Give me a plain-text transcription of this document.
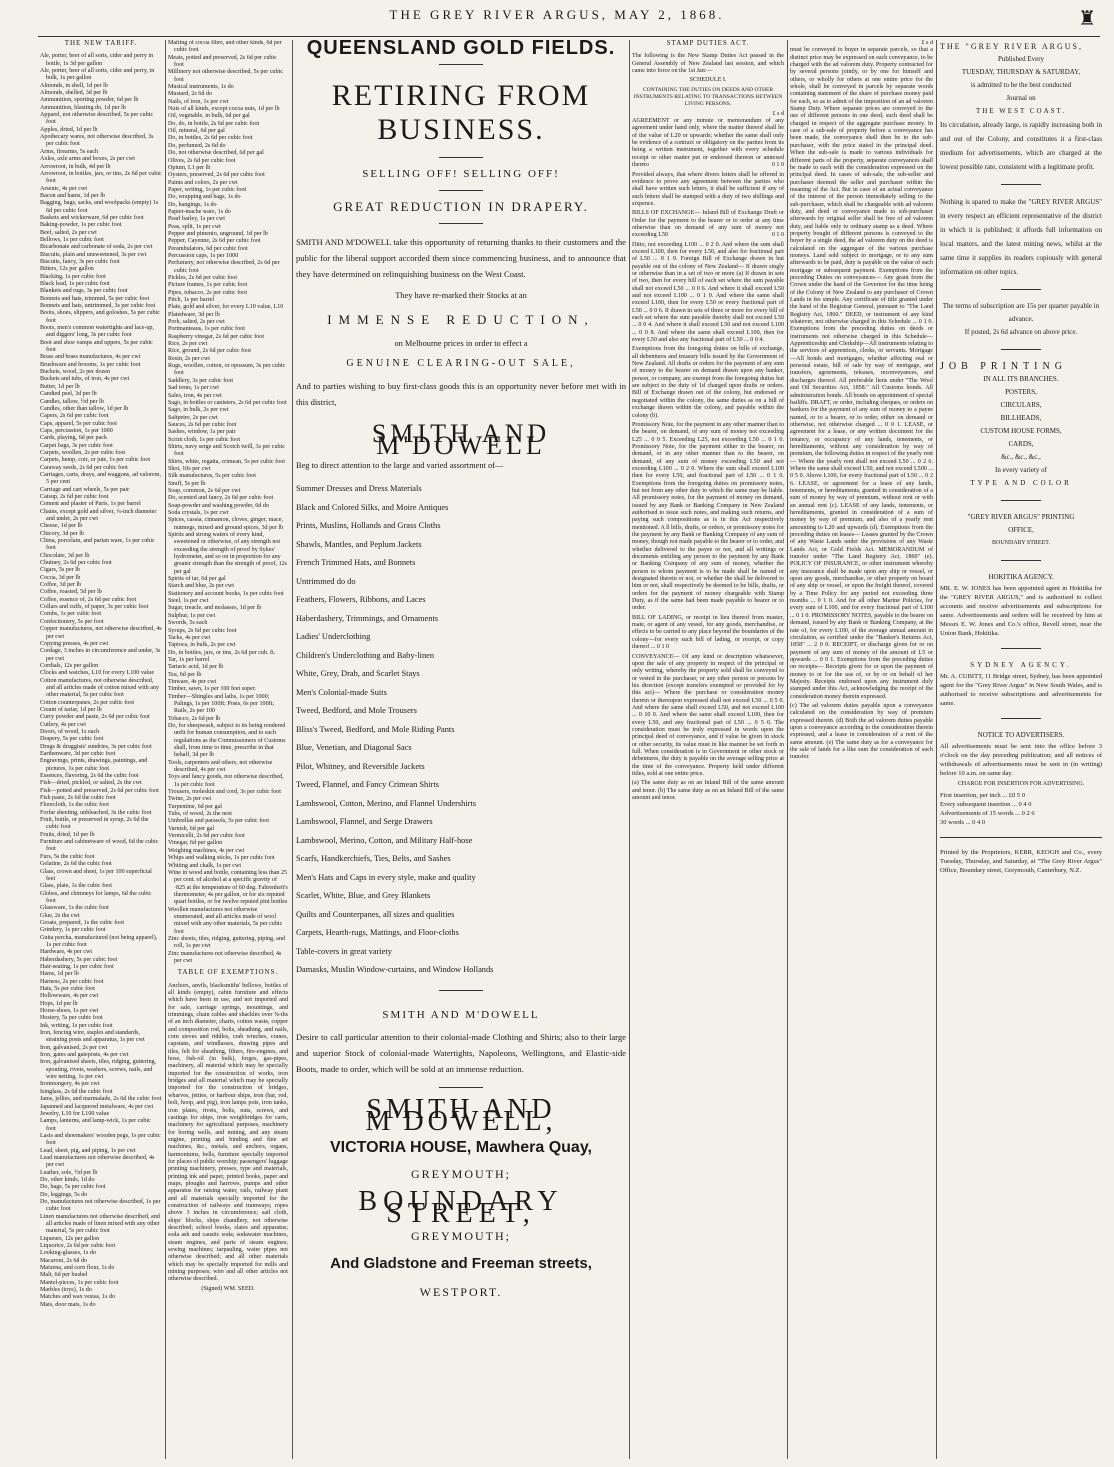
THE GREY RIVER ARGUS, MAY 2, 1868.	♜
THE NEW TARIFF.
Ale, porter, beer of all sorts, cider and perry in bottle, 1s 3d per gallon
Ale, porter, beer of all sorts, cider and perry, in bulk, 1s per gallon
Almonds, in shell, 1d per lb
Almonds, shelled, 3d per lb
Ammunition, sporting powder, 6d per lb
Ammunition, blasting do, 1d per lb
Apparel, not otherwise described, 5s per cubic foot
Apples, dried, 1d per lb
Apothecary wares, not otherwise described, 3s per cubic foot
Arms, firearms, 5s each
Axles, axle arms and boxes, 2s per cwt
Arrowroot, in bulk, 4d per lb
Arrowroot, in bottles, jars, or tins, 2s 6d per cubic foot
Arsenic, 4s per cwt
Bacon and hams, 1d per lb
Bagging, bags, sacks, and woolpacks (empty) 1s 6d per cubic foot
Baskets and wickerware, 6d per cubic foot
Baking-powder, 1s per cubic foot
Beef, salted, 2s per cwt
Bellows, 1s per cubic foot
Bicarbonate and carbonate of soda, 2s per cwt
Biscuits, plain and unsweetened, 3s per cwt
Biscuits, fancy, 3s per cubic foot
Bitters, 12s per gallon
Blacking, 1s per cubic foot
Black lead, 1s per cubic foot
Blankets and rugs, 3s per cubic foot
Bonnets and hats, trimmed, 5s per cubic foot
Bonnets and hats, untrimmed, 3s per cubic foot
Boots, shoes, slippers, and goloshes, 5s per cubic foot
Boots, men's common watertights and lace-up, and diggers' long, 3s per cubic foot
Boot and shoe vamps and uppers, 5s per cubic foot
Brass and brass manufactures, 4s per cwt
Brushware and brooms, 1s per cubic foot
Buckets, wood, 2s per dozen
Buckets and tubs, of iron, 4s per cwt
Butter, 1d per lb
Candied peel, 3d per lb
Candles, tallow, ½d per lb
Candles, other than tallow, 1d per lb
Capers, 2s 6d per cubic foot
Caps, apparel, 5s per cubic foot
Caps, percussion, 1s per 1000
Cards, playing, 6d per pack
Carpet bags, 3s per cubic foot
Carpets, woollen, 2s per cubic foot
Carpets, hemp, coir, or jute, 1s per cubic foot
Caraway seeds, 2s 6d per cubic foot
Carriages, carts, drays, and waggons, ad valorem, 5 per cent
Carriage and cart wheels, 5s per pair
Catsup, 2s 6d per cubic foot
Cement and plaster of Paris, 1s per barrel
Chains, except gold and silver, ¼-inch diameter and under, 2s per cwt
Cheese, 1d per lb
Chicory, 3d per lb
China, porcelain, and parian ware, 1s per cubic foot
Chocolate, 3d per lb
Chutney, 2s 6d per cubic foot
Cigars, 5s per lb
Cocoa, 3d per lb
Coffee, 3d per lb
Coffee, roasted, 5d per lb
Coffee, essence of, 2s 6d per cubic foot
Collars and cuffs, of paper, 3s per cubic foot
Combs, 1s per cubic foot
Confectionery, 5s per foot
Copper manufactures, not otherwise described, 4s per cwt
Copying presses, 4s per cwt
Cordage, 3 inches in circumference and under, 3s per cwt
Cordials, 12s per gallon
Clocks and watches, L10 for every L100 value
Cotton manufactures, not otherwise described, and all articles made of cotton mixed with any other material, 5s per cubic foot
Cotton counterpanes, 2s per cubic foot
Cream of tartar, 1d per lb
Curry powder and paste, 2s 6d per cubic foot
Cutlery, 4s per cwt
Doors, of wood, 1s each
Drapery, 5s per cubic foot
Drugs & druggists' sundries, 3s per cubic foot
Earthenware, 3d per cubic foot
Engravings, prints, drawings, paintings, and pictures, 1s per cubic foot
Essences, flavoring, 2s 6d the cubic foot
Fish—dried, pickled, or salted, 2s the cwt
Fish—potted and preserved, 2s 6d per cubic foot
Fish paste, 2s 6d the cubic foot
Floorcloth, 1s the cubic foot
Forfar sheeting, unbleached, 3s the cubic foot
Fruit, bottle, or preserved in syrup, 2s 6d the cubic foot
Fruits, dried, 1d per lb
Furniture and cabinetware of wood, 6d the cubic foot
Furs, 5s the cubic foot
Gelatine, 2s 6d the cubic foot
Glass, crown and sheet, 1s per 100 superficial feet
Glass, plate, 1s the cubic foot
Globes, and chimneys for lamps, 6d the cubic foot
Glassware, 1s the cubic foot
Glue, 2s the cwt
Groats, prepared, 1s the cubic foot
Grindery, 1s per cubic foot
Gutta percha, manufactured (not being apparel), 1s per cubic foot
Hardware, 4s per cwt
Haberdashery, 5s per cubic foot
Hair-seating, 1s per cubic foot
Hams, 1d per lb
Harness, 2s per cubic foot
Hats, 5s per cubic foot
Hollowware, 4s per cwt
Hops, 1d per lb
Horse-shoes, 1s per cwt
Hosiery, 5s per cubic foot
Ink, writing, 1s per cubic foot
Iron, fencing wire, staples and standards, straining posts and apparatus, 1s per cwt
Iron, galvanised, 2s per cwt
Iron, gates and gateposts, 4s per cwt
Iron, galvanised sheets, tiles, ridging, guttering, spouting, rivets, washers, screws, nails, and wire netting, 1s per cwt
Ironmongery, 4s per cwt
Isinglass, 2s 6d the cubic foot
Jams, jellies, and marmalade, 2s 6d the cubic foot
Japanned and lacquered metalware, 4s per cwt
Jewelry, L10 for L100 value
Lamps, lanterns, and lamp-wick, 1s per cubic foot
Lasts and shoemakers' wooden pegs, 1s per cubic foot
Lead, sheet, pig, and piping, 1s per cwt
Lead manufactures not otherwise described, 4s per cwt
Leather, sole, ½d per lb
Do, other kinds, 1d do
Do, bags, 5s per cubic foot
Do, leggings, 5s do
Do, manufactures not otherwise described, 1s per cubic foot
Linen manufactures not otherwise described, and all articles made of linen mixed with any other material, 5s per cubic foot
Liqueurs, 12s per gallon
Liquorice, 2s 6d per cubic foot
Looking-glasses, 1s do
Macaroni, 2s 6d do
Maizena, and corn flour, 1s do
Malt, 6d per bushel
Mantel-pieces, 1s per cubic foot
Marbles (toys), 1s do
Matches and wax vestas, 1s do
Mats, door mats, 1s do
Matting of cocoa fibre, and other kinds, 6d per cubic foot
Meats, potted and preserved, 2s 6d per cubic foot
Millinery not otherwise described, 5s per cubic foot
Musical instruments, 1s do
Mustard, 2s 6d do
Nails, of iron, 1s per cwt
Nuts of all kinds, except cocoa nuts, 1d per lb
Oil, vegetable, in bulk, 6d per gal
Do, do, in bottle, 2s 6d per cubic foot
Oil, mineral, 6d per gal
Do, in bottles, 2s 6d per cubic foot
Do, perfumed, 2s 6d do
Do, not otherwise described, 6d per gal
Olives, 2s 6d per cubic foot
Opium, L1 per lb
Oysters, preserved, 2s 6d per cubic foot
Paints and colors, 2s per cwt
Paper, writing, 1s per cubic foot
Do, wrapping and bags, 1s do
Do, hangings, 1s do
Papier-mache ware, 1s do
Pearl barley, 1s per cwt
Peas, split, 1s per cwt
Pepper and pimento, unground, 1d per lb
Pepper, Cayenne, 2s 6d per cubic foot
Perambulators, 6d per cubic foot
Percussion caps, 1s per 1000
Perfumery, not otherwise described, 2s 6d per cubic foot
Pickles, 2s 6d per cubic foot
Picture frames, 1s per cubic foot
Pipes, tobacco, 2s per cubic foot
Pitch, 1s per barrel
Plate, gold and silver, for every L10 value, L10
Platedware, 3d per lb
Pork, salted, 2s per cwt
Portmanteaus, 1s per cubic foot
Raspberry vinegar, 2s 6d per cubic foot
Rice, 2s per cwt
Rice, ground, 2s 6d per cubic foot
Resin, 2s per cwt
Rugs, woollen, cotton, or opossum, 3s per cubic foot
Saddlery, 3s per cubic foot
Sad irons, 1s per cwt
Sales, iron, 4s per cwt
Sago, in bottles or canisters, 2s 6d per cubic foot
Sago, in bulk, 2s per cwt
Saltpetre, 2s per cwt
Sauces, 2s 6d per cubic foot
Sashes, window, 1s per pair
Scrim cloth, 1s per cubic foot
Shirts, navy serge and Scotch twill, 3s per cubic foot
Shirts, white, regatta, crimean, 5s per cubic foot
Shot, 10s per cwt
Silk manufactures, 5s per cubic foot
Snuff, 5s per lb
Soap, common, 2s 6d per cwt
Do, scented and fancy, 2s 6d per cubic foot
Soap-powder and washing powder, 6d do
Soda crystals, 1s per cwt
Spices, cassia, cinnamon, cloves, ginger, mace, nutmegs, mixed and ground spices, 3d per lb
Spirits and strong waters of every kind, sweetened or otherwise, of any strength not exceeding the strength of proof by Sykes' hydrometer, and so on in proportion for any greater strength than the strength of proof, 12s per gal
Spirits of tar, 6d per gal
Starch and blue, 2s per cwt
Stationery and account books, 1s per cubic foot
Steel, 1s per cwt
Sugar, treacle, and molasses, 1d per lb
Sulphur, 1s per cwt
Swords, 5s each
Syrups, 2s 6d per cubic foot
Tacks, 4s per cwt
Tapioca, in bulk, 2s per cwt
Do, in bottles, jars, or tins, 2s 6d per cub. ft.
Tar, 1s per barrel
Tartaric acid, 1d per lb
Tea, 6d per lb
Tinware, 4s per cwt
Timber, sawn, 1s per 100 feet super.
Timber—Shingles and laths, 1s per 1000; Palings, 1s per 100ft; Posts, 6s per 100ft; Rails, 2s per 100
Tobacco, 2s 6d per lb
Do, for sheepwash, subject to its being rendered unfit for human consumption, and to such regulations as the Commissioners of Customs shall, from time to time, prescribe in that behalf, 3d per lb
Tools, carpenters and others, not otherwise described, 4s per cwt
Toys and fancy goods, not otherwise described, 1s per cubic foot
Trousers, moleskin and cord, 3s per cubic foot
Twine, 2s per cwt
Turpentine, 6d per gal
Tubs, of wood, 2s the nest
Umbrellas and parasols, 5s per cubic foot
Varnish, 6d per gal
Vermicelli, 2s 6d per cubic foot
Vinegar, 6d per gallon
Weighing machines, 4s per cwt
Whips and walking sticks, 1s per cubic foot
Whiting and chalk, 1s per cwt
Wine in wood and bottle, containing less than 25 per cent. of alcohol at a specific gravity of ·825 at the temperature of 60 deg. Fahrenheit's thermometer, 4s per gallon, or for six reputed quart bottles, or for twelve reputed pint bottles
Woollen manufactures not otherwise enumerated, and all articles made of wool mixed with any other materials, 5s per cubic foot
Zinc sheets, tiles, ridging, guttering, piping, and roll, 1s per cwt
Zinc manufactures not otherwise described, 4s per cwt
TABLE OF EXEMPTIONS.

Anchors, anvils, blacksmiths' bellows, bottles of all kinds (empty), cabin furniture and effects which have been in use, and not imported and for sale, carriage springs, mountings, and trimmings, chain cables and shackles over ⅝-ths of an inch diameter, charts, cotton waste, copper and composition rod, bolts, sheathing, and nails, corn sieves and riddles, crab winches, cranes, capstans, and windlasses, drawing pipes and tiles, felt for sheathing, filters, fire-engines, and hose, fish-oil (in bulk), forges, gas-pipes, machinery, all material which may be specially imported for the construction of works, iron bridges and all material which may be specially imported for the construction of bridges, wharves, jetties, or harbour ships, iron (bar, rod, bolt, hoop, and pig), iron lamps pots, iron tanks, iron plates, rivets, bolts, nuts, screws, and castings for ships, iron weighbridges for carts, machinery for agricultural purposes, machinery for boring wells, and mining, and any steam engine, printing and binding and fine art machines, &c., metals, and anchors, organs, harmoniums, bells, furniture specially imported for places of public worship; passengers' luggage printing machinery, presses, type and materials, printing ink and paper, printed books, paper and maps, ploughs and harrows, pumps and other apparatus for raising water, rails, railway plant and all materials specially imported for the construction of railways and tramways; ropes above 3 inches in circumference; sail cloth, ships' blocks, ships chandlery, not otherwise described; school books, slates and apparatus; soda ash and caustic soda; sodawater machines, steam engines, and parts of steam engines; sewing machines; tarpauling, water pipes not otherwise described; and all other materials which may be specially imported for mills and mining purposes; wire and all other articles not otherwise described.

(Signed) WM. SEED.
QUEENSLAND GOLD FIELDS.
RETIRING FROM BUSINESS.
SELLING OFF! SELLING OFF!
GREAT REDUCTION IN DRAPERY.
SMITH AND M'DOWELL take this opportunity of returning thanks to their customers and the public for the liberal support accorded them since commencing business, and to announce that they have determined on relinquishing business on the West Coast.
They have re-marked their Stocks at an
IMMENSE REDUCTION,
on Melbourne prices in order to effect a
GENUINE CLEARING-OUT SALE,
And to parties wishing to buy first-class goods this is an opportunity never before met with in this district,
SMITH AND M'DOWELL
Beg to direct attention to the large and varied assortment of—
Summer Dresses and Dress Materials
Black and Colored Silks, and Moire Antiques
Prints, Muslins, Hollands and Grass Cloths
Shawls, Mantles, and Peplum Jackets
French Trimmed Hats, and Bonnets
Untrimmed do do
Feathers, Flowers, Ribbons, and Laces
Haberdashery, Trimmings, and Ornaments
Ladies' Underclothing
Children's Underclothing and Baby-linen
White, Grey, Drab, and Scarlet Stays
Men's Colonial-made Suits
Tweed, Bedford, and Mole Trousers
Bliss's Tweed, Bedford, and Mole Riding Pants
Blue, Venetian, and Diagonal Sacs
Pilot, Whitney, and Reversible Jackets
Tweed, Flannel, and Fancy Crimean Shirts
Lambswool, Cotton, Merino, and Flannel Undershirts
Lambswool, Flannel, and Serge Drawers
Lambswool, Merino, Cotton, and Military Half-hose
Scarfs, Handkerchiefs, Ties, Belts, and Sashes
Men's Hats and Caps in every style, make and quality
Scarlet, White, Blue, and Grey Blankets
Quilts and Counterpanes, all sizes and qualities
Carpets, Hearth-rugs, Mattings, and Floor-cloths
Table-covers in great variety
Damasks, Muslin Window-curtains, and Window Hollands
SMITH AND M'DOWELL
Desire to call particular attention to their colonial-made Clothing and Shirts; also to their large and superior Stock of colonial-made Watertights, Napoleons, Wellingtons, and Elastic-side Boots, made to order, which will be sold at an immense reduction.
SMITH AND M'DOWELL,
VICTORIA HOUSE, Mawhera Quay,
GREYMOUTH;
BOUNDARY STREET,
GREYMOUTH;
And Gladstone and Freeman streets,
WESTPORT.
STAMP DUTIES ACT.

The following is the New Stamp Duties Act passed in the General Assembly of New Zealand last session, and which came into force on the 1st Jan:—

SCHEDULE I.
CONTAINING THE DUTIES ON DEEDS AND OTHER INSTRUMENTS RELATING TO TRANSACTIONS BETWEEN LIVING PERSONS.
£ s d

AGREEMENT or any minute or memorandum of any agreement under hand only, where the matter thereof shall be of the value of L20 or upwards; whether the same shall only be evidence of a contract or obligatory on the parties from its being a written instrument, together with every schedule receipt or other matter put or endorsed thereon or annexed thereto	0 1 0

Provided always, that where divers letters shall be offered in evidence to prove any agreement between the parties who shall have written such letters, it shall be sufficient if any of such letters shall be stamped with a duty of two shillings and sixpence.

BILLS OF EXCHANGE— Inland Bill of Exchange Draft or Order for the payment to the bearer or to order at any time otherwise than on demand of any sum of money not exceeding L50	0 1 0

Ditto, not exceeding L100 ... 0 2 0. And where the sum shall exceed L100, then for every L50, and also for fractional part of L50 ... 0 1 0. Foreign Bill of Exchange drawn in but payable out of the colony of New Zealand— If drawn singly or otherwise than in a set of two or more (a) If drawn in sets of two, then for every bill of each set where the sum payable shall not exceed L50 ... 0 0 6. And where it shall exceed L50 and not exceed L100 ... 0 1 0. And where the same shall exceed L100, then for every L50 or every fractional part of L50 ... 0 0 6. If drawn in sets of three or more for every bill of each set where the sum payable thereby shall not exceed L50 ... 0 0 4. And where it shall exceed L50 and not exceed L100 ... 0 0 8. And where the same shall exceed L100, then for every L50 and also any fractional part of L50 ... 0 0 4.

Exemptions from the foregoing duties on bills of exchange, all debentures and treasury bills issued by the Government of New Zealand. All drafts or orders for the payment of any sum of money to the bearer on demand drawn upon any banker, person, or company, are exempt from the foregoing duties but are subject to the duty of 1d charged upon drafts or orders. Bill of Exchange drawn out of the colony, but endorsed or negotiated within the colony, the same duties as on a bill of exchange drawn within the colony, and payable within the colony (b).

Promissory Note, for the payment in any other manner than to the bearer, on demand, of any sum of money not exceeding L25 ... 0 0 5. Exceeding L25, not exceeding L50 ... 0 1 0. Promissory Note, for the payment either to the bearer, on demand, or in any other manner than to the bearer, on demand, of any sum of money exceeding L50 and not exceeding L100 ... 0 2 0. Where the sum shall exceed L100 then for every L50, and fractional part of L50 ... 0 1 0. Exemptions from the foregoing duties on promissory notes, but not from any other duty to which the same may be liable. All promissory notes, for the payment of money on demand, issued by any Bank or Banking Company in New Zealand authorised to issue such notes, and making such returns, and paying such compositions as is in this Act respectively mentioned. A ll bills, drafts, or orders, or promissory notes for the payment by any Bank or Banking Company of any sum of money, though not made payable to the bearer or to order, and whether delivered to the payee or not, and all writings or documents entitling any person to the payment by any Bank or Banking Company of any sum of money, whether the person to whom payment is to be made shall be named or designated therein or not, or whether the shall be delivered to him or not, shall respectively be deemed to be bills, drafts, or orders for the payment of money chargeable with Stamp Duty, as if the same had been made payable to bearer or to order.

BILL OF LADING, or receipt in lieu thereof from master, mate, or agent of any vessel, for any goods, merchandise, or effects to be carried to any place beyond the boundaries of the colony—for every such bill of lading, or receipt, or copy thereof ... 0 1 0

CONVEYANCE— Of any kind or description whatsoever, upon the sale of any property in respect of the principal or only writing, whereby the property sold shall be conveyed to or vested in the purchaser, or any other person or persons by his direction (except transfers exempted or provided for by this act)— Where the purchase or consideration money therein or thereupon expressed shall not exceed L50 ... 0 5 0. And where the same shall exceed L50, and not exceed L100 ... 0 10 0. And where the same shall exceed L100, then for every L50, and any fractional part of L50 ... 0 5 0. The consideration must be truly expressed in words upon the principal deed of conveyance, and if value be given in stock or other security, its value must in like manner be set forth in full. When consideration is in Government or other stock or debentures, the duty is payable on the average selling price at the time of the conveyance. Property held under different titles, sold at one entire price.

(a) The same duty as on an Inland Bill of the same amount and tenor. (b) The same duty as on an Inland Bill of the same amount and tenor.

£ s d

must be conveyed to buyer in separate parcels, so that a distinct price may be expressed on each conveyance, to be charged with the ad valorem duty. Property contracted for by several persons jointly, or by one for himself and others, or wholly for others at one entire price for the whole, shall be conveyed in parcels by separate words containing statement of the share of purchase money paid for each, so as to admit of the imposition of an ad valorem Stamp Duty. Where separate prices are conveyed to the use of different persons in one deed, such deed shall be charged in respect of the aggregate purchase money. In case of a sub-sale of property before a conveyance has been made, the conveyance shall then be to the sub-purchaser, with the price stated in the principal deed. When the sub-sale is made to various individuals for different parts of the property, separate conveyances shall be made to each with the consideration expressed on the principal deed. In cases of sub-sale, the sub-seller and purchaser deemed the seller and purchaser within the meaning of the Act. But in case of an actual conveyance of the interest of the person immediately selling to the sub-purchaser, which shall be chargeable with ad valorem duty, and deed or conveyance made to sub-purchaser afterwards by original seller shall be free of ad valorem duty, and liable only to ordinary stamp as a deed. Where property bought of different persons is conveyed to the buyer by a single deed, the ad valorem duty on the deed is calculated on the aggregate of the various purchase moneys. Land sold subject to mortgage, or to any sum afterwards to be paid, duty is payable on the value of such mortgage or subsequent payment. Exemptions from the preceding Duties on conveyances— Any grant from the Crown under the hand of the Governor for the time being of the Colony of New Zealand to any purchaser of Crown Lands in fee simple. Any certificate of title granted under the hand of the Registrar General, pursuant to "The Land Registry Act, 1860." DEED, or instrument of any kind whatever, not otherwise charged in this Schedule ... 0 1 0. Exemptions from the preceding duties on deeds or instruments not otherwise charged in this Schedule— Apprenticeship and Clerkship—All instruments relating to the services of apprentices, clerks, or servants. Mortgage—All bonds and mortgages, whether affecting real or personal estate, bill of sale by way of mortgage, and transfers, agreements, releases, reconveyances, and discharges thereof. All preferable liens under "The Wool and Oil Securities Act, 1858." All Customs bonds. All administration bonds. All bonds on appointment of special bailiffs. DRAFT, or order, including cheques, or orders on bankers for the payment of any sum of money to a payee named, or to a bearer, or to order, either on demand or otherwise, not otherwise charged ... 0 0 1. LEASE, or agreement for a lease, or any written document for the tenancy, or occupancy of any lands, tenements, or hereditaments, without any consideration by way of premium, the following duties in respect of the yearly rent— Where the yearly rent shall not exceed L50 ... 0 2 6. Where the same shall exceed L50, and not exceed L500 ... 0 5 0. Above L100, for every fractional part of L50 ... 0 2 6. LEASE, or agreement for a lease of any lands, tenements, or hereditaments, granted in consideration of a sum of money by way of premium, without rent or with an annual rent (c). LEASE of any lands, tenements, or hereditaments, granted in consideration of a sum of money by way of premium, and also of a yearly rent amounting to L20 and upwards (d). Exemptions from the preceding duties on leases— Leases granted by the Crown of any Waste Lands under the provisions of any Waste Lands Act, or Gold Fields Act. MEMORANDUM of transfer under "The Land Registry Act, 1860" (e). POLICY OF INSURANCE, or other instrument whereby any insurance shall be made upon any ship or vessel, or upon any goods, merchandise, or other property on board of any ship or vessel, or upon the freight thereof, covered by a Time Policy for any period not exceeding three months ... 0 1 0. And for all other Marine Policies, for every sum of L100, and for every fractional part of L100 ... 0 1 0. PROMISSORY NOTES, payable to the bearer on demand, issued by any Bank or Banking Company, at the rate of, for every L100, of the average annual amount in circulation, as certified under the "Banker's Returns Act, 1858" ... 2 0 0. RECEIPT, or discharge given for or on payment of any sum of money of the amount of L5 or upwards ... 0 0 1. Exemptions from the preceding duties on receipts— Receipts given for or upon the payment of money to or for the use of, or by or on behalf of her Majesty. Receipts endorsed upon any instrument duly stamped under this Act, acknowledging the receipt of the consideration money therein expressed.

(c) The ad valorem duties payable upon a conveyance calculated on the consideration by way of premium expressed therein. (d) Both the ad valorem duties payable upon a conveyance according to the consideration therein expressed, and a lease in consideration of a rent of the same amount. (e) The same duty as for a conveyance for the sale of lands for a like sum the consideration of such transfer.

THE "GREY RIVER ARGUS,
Published Every
TUESDAY, THURSDAY & SATURDAY,
is admitted to be the best conducted
Journal on
THE WEST COAST.
Its circulation, already large, is rapidly increasing both in and out of the Colony, and constitutes it a first-class medium for advertisements, which are charged at the lowest possible rate, consistent with a legitimate profit.
Nothing is spared to make the "GREY RIVER ARGUS" in every respect an efficient representative of the district in which it is published; it affords full information on local matters, and the latest mining news, whilst at the same time it supplies its readers copiously with general information on other topics.
The terms of subscription are 15s per quarter payable in advance.
If posted, 2s 6d advance on above price.
JOB PRINTING
IN ALL ITS BRANCHES.
POSTERS,
CIRCULARS,
BILLHEADS,
CUSTOM HOUSE FORMS,
CARDS,
&c., &c., &c.,
In every variety of
TYPE AND COLOR
"GREY RIVER ARGUS" PRINTING
OFFICE,
BOUNDARY STREET.
HOKITIKA AGENCY.
MR. E. W. JONES has been appointed agent in Hokitika for the "GREY RIVER ARGUS," and is authorised to collect accounts and receive advertisements and subscriptions for same. Advertisements and orders will be received by him at Messrs E. W. Jones and Co.'s office, Revell street, near the Union Bank, Hokitika.
SYDNEY AGENCY.
Mr. A. CUBITT, 11 Bridge street, Sydney, has been appointed agent for the "Grey River Argus" in New South Wales, and is authorised to receive subscriptions and advertisements for same.
NOTICE TO ADVERTISERS.
All advertisements must be sent into the office before 3 o'clock on the day preceding publication; and all notices of withdrawals of advertisements must be sent in (in writing) before 10 a.m. on same day.
CHARGE FOR INSERTION FOR ADVERTISING.
First insertion, per inch ... £0 5 0
Every subsequent insertion ... 0 4 0
Advertisements of 15 words ... 0 2 6
30 words ... 0 4 0
Printed by the Proprietors, KERR, KEOGH and Co., every Tuesday, Thursday, and Saturday, at "The Grey River Argus" Office, Boundary street, Greymouth, Canterbury, N.Z.
